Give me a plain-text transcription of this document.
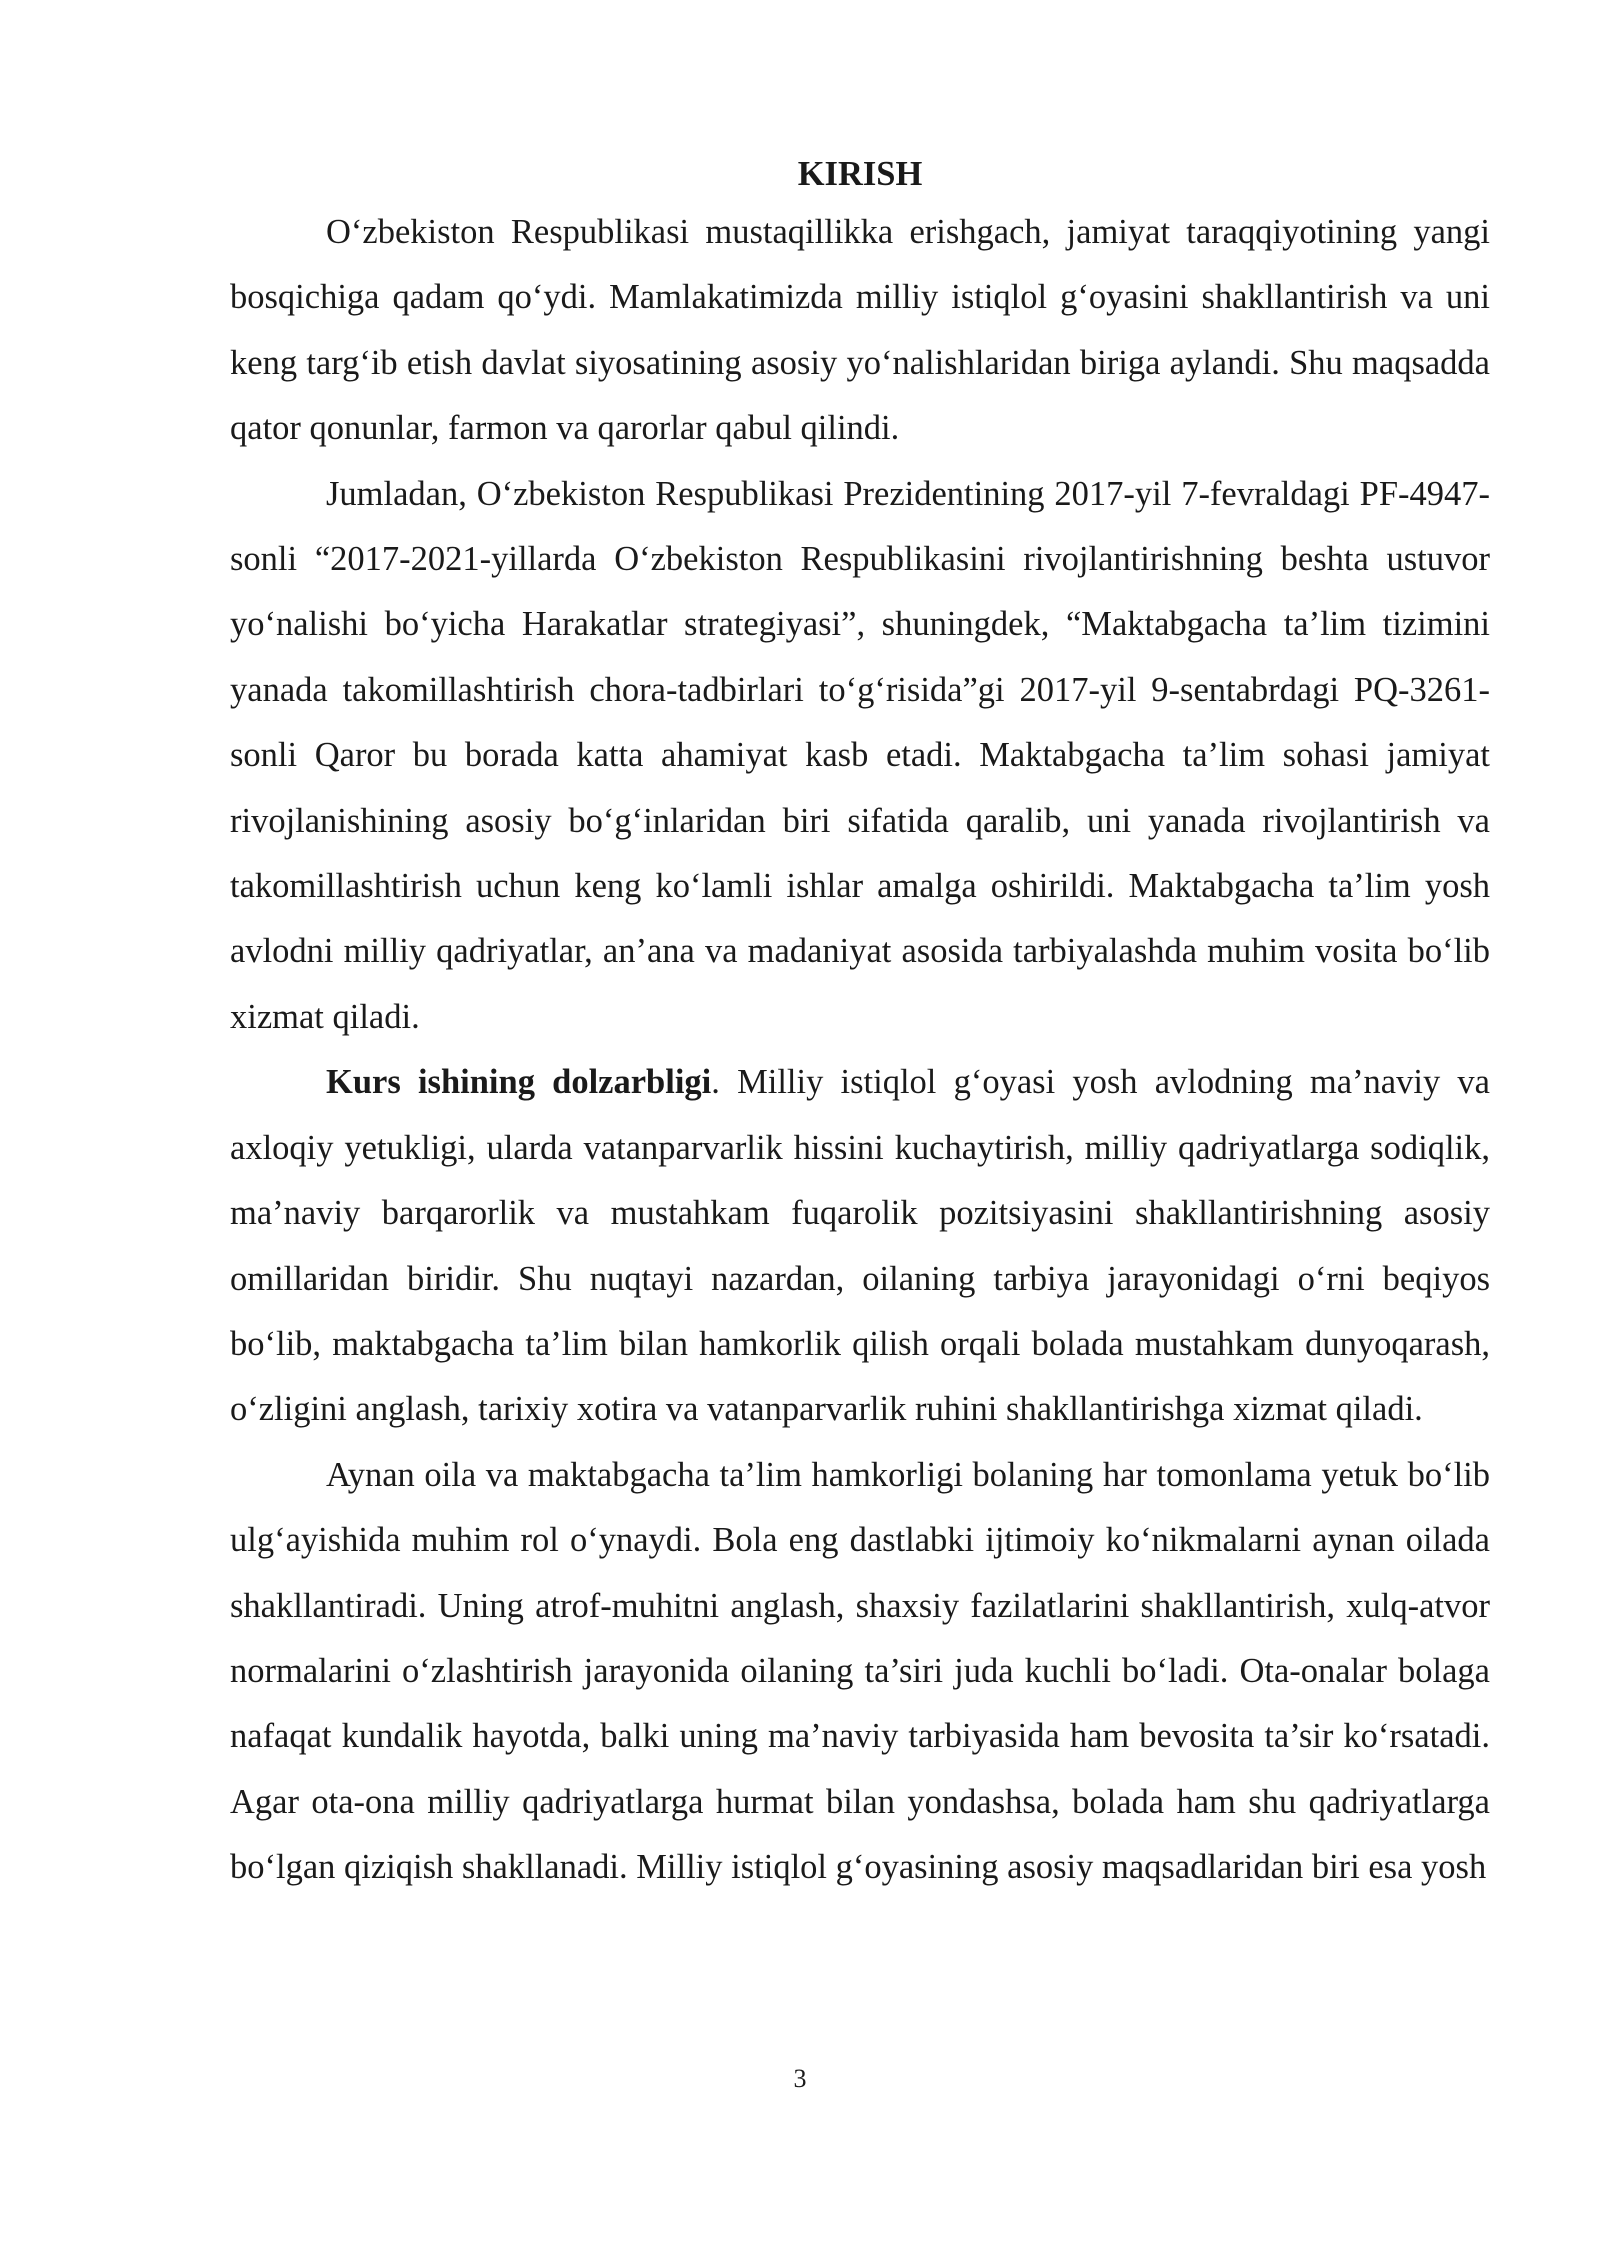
KIRISH

O‘zbekiston Respublikasi mustaqillikka erishgach, jamiyat taraqqiyotining yangi bosqichiga qadam qo‘ydi. Mamlakatimizda milliy istiqlol g‘oyasini shakllantirish va uni keng targ‘ib etish davlat siyosatining asosiy yo‘nalishlaridan biriga aylandi. Shu maqsadda qator qonunlar, farmon va qarorlar qabul qilindi.

Jumladan, O‘zbekiston Respublikasi Prezidentining 2017-yil 7-fevraldagi PF-4947-sonli “2017-2021-yillarda O‘zbekiston Respublikasini rivojlantirishning beshta ustuvor yo‘nalishi bo‘yicha Harakatlar strategiyasi”, shuningdek, “Maktabgacha ta’lim tizimini yanada takomillashtirish chora-tadbirlari to‘g‘risida”gi 2017-yil 9-sentabrdagi PQ-3261-sonli Qaror bu borada katta ahamiyat kasb etadi. Maktabgacha ta’lim sohasi jamiyat rivojlanishining asosiy bo‘g‘inlaridan biri sifatida qaralib, uni yanada rivojlantirish va takomillashtirish uchun keng ko‘lamli ishlar amalga oshirildi. Maktabgacha ta’lim yosh avlodni milliy qadriyatlar, an’ana va madaniyat asosida tarbiyalashda muhim vosita bo‘lib xizmat qiladi.

Kurs ishining dolzarbligi. Milliy istiqlol g‘oyasi yosh avlodning ma’naviy va axloqiy yetukligi, ularda vatanparvarlik hissini kuchaytirish, milliy qadriyatlarga sodiqlik, ma’naviy barqarorlik va mustahkam fuqarolik pozitsiyasini shakllantirishning asosiy omillaridan biridir. Shu nuqtayi nazardan, oilaning tarbiya jarayonidagi o‘rni beqiyos bo‘lib, maktabgacha ta’lim bilan hamkorlik qilish orqali bolada mustahkam dunyoqarash, o‘zligini anglash, tarixiy xotira va vatanparvarlik ruhini shakllantirishga xizmat qiladi.

Aynan oila va maktabgacha ta’lim hamkorligi bolaning har tomonlama yetuk bo‘lib ulg‘ayishida muhim rol o‘ynaydi. Bola eng dastlabki ijtimoiy ko‘nikmalarni aynan oilada shakllantiradi. Uning atrof-muhitni anglash, shaxsiy fazilatlarini shakllantirish, xulq-atvor normalarini o‘zlashtirish jarayonida oilaning ta’siri juda kuchli bo‘ladi. Ota-onalar bolaga nafaqat kundalik hayotda, balki uning ma’naviy tarbiyasida ham bevosita ta’sir ko‘rsatadi. Agar ota-ona milliy qadriyatlarga hurmat bilan yondashsa, bolada ham shu qadriyatlarga bo‘lgan qiziqish shakllanadi. Milliy istiqlol g‘oyasining asosiy maqsadlaridan biri esa yosh

3
